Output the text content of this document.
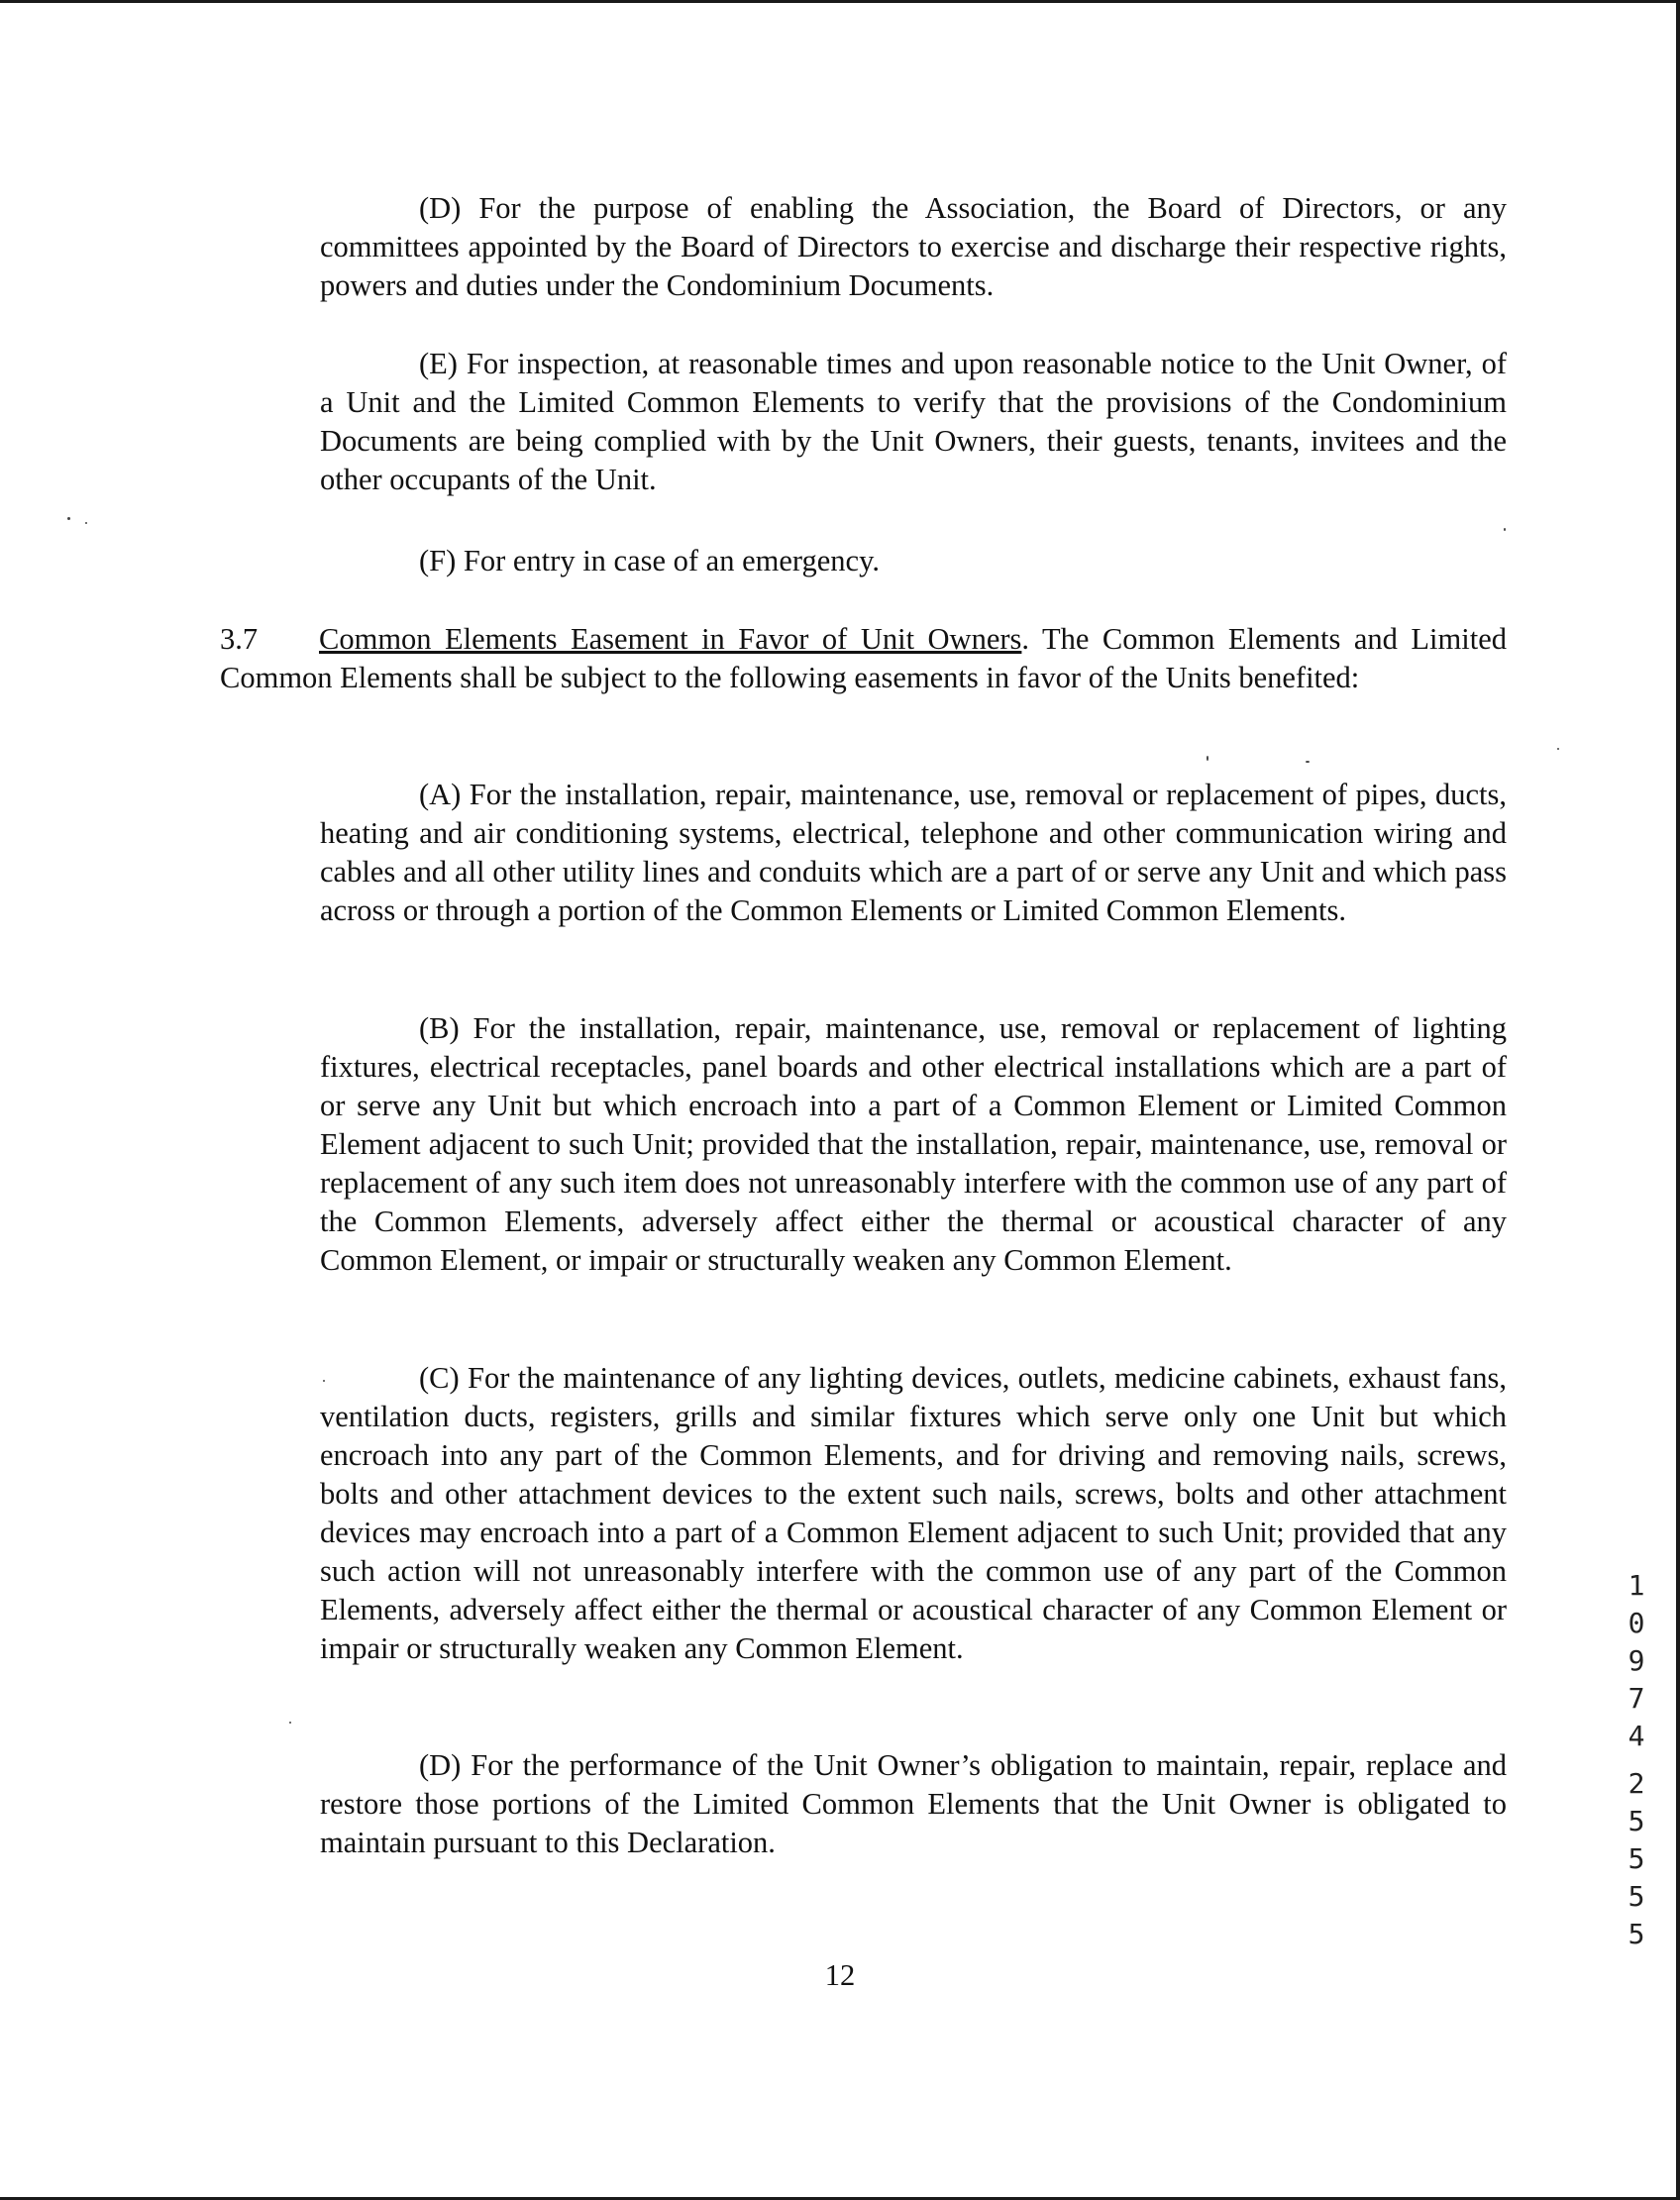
(D) For the purpose of enabling the Association, the Board of Directors, or any committees appointed by the Board of Directors to exercise and discharge their respective rights, powers and duties under the Condominium Documents.

(E) For inspection, at reasonable times and upon reasonable notice to the Unit Owner, of a Unit and the Limited Common Elements to verify that the provisions of the Condominium Documents are being complied with by the Unit Owners, their guests, tenants, invitees and the other occupants of the Unit.

(F) For entry in case of an emergency.

3.7 Common Elements Easement in Favor of Unit Owners. The Common Elements and Limited Common Elements shall be subject to the following easements in favor of the Units benefited:

(A) For the installation, repair, maintenance, use, removal or replacement of pipes, ducts, heating and air conditioning systems, electrical, telephone and other communication wiring and cables and all other utility lines and conduits which are a part of or serve any Unit and which pass across or through a portion of the Common Elements or Limited Common Elements.

(B) For the installation, repair, maintenance, use, removal or replacement of lighting fixtures, electrical receptacles, panel boards and other electrical installations which are a part of or serve any Unit but which encroach into a part of a Common Element or Limited Common Element adjacent to such Unit; provided that the installation, repair, maintenance, use, removal or replacement of any such item does not unreasonably interfere with the common use of any part of the Common Elements, adversely affect either the thermal or acoustical character of any Common Element, or impair or structurally weaken any Common Element.

(C) For the maintenance of any lighting devices, outlets, medicine cabinets, exhaust fans, ventilation ducts, registers, grills and similar fixtures which serve only one Unit but which encroach into any part of the Common Elements, and for driving and removing nails, screws, bolts and other attachment devices to the extent such nails, screws, bolts and other attachment devices may encroach into a part of a Common Element adjacent to such Unit; provided that any such action will not unreasonably interfere with the common use of any part of the Common Elements, adversely affect either the thermal or acoustical character of any Common Element or impair or structurally weaken any Common Element.

(D) For the performance of the Unit Owner’s obligation to maintain, repair, replace and restore those portions of the Limited Common Elements that the Unit Owner is obligated to maintain pursuant to this Declaration.

12
1
0
9
7
4
2
5
5
5
5
